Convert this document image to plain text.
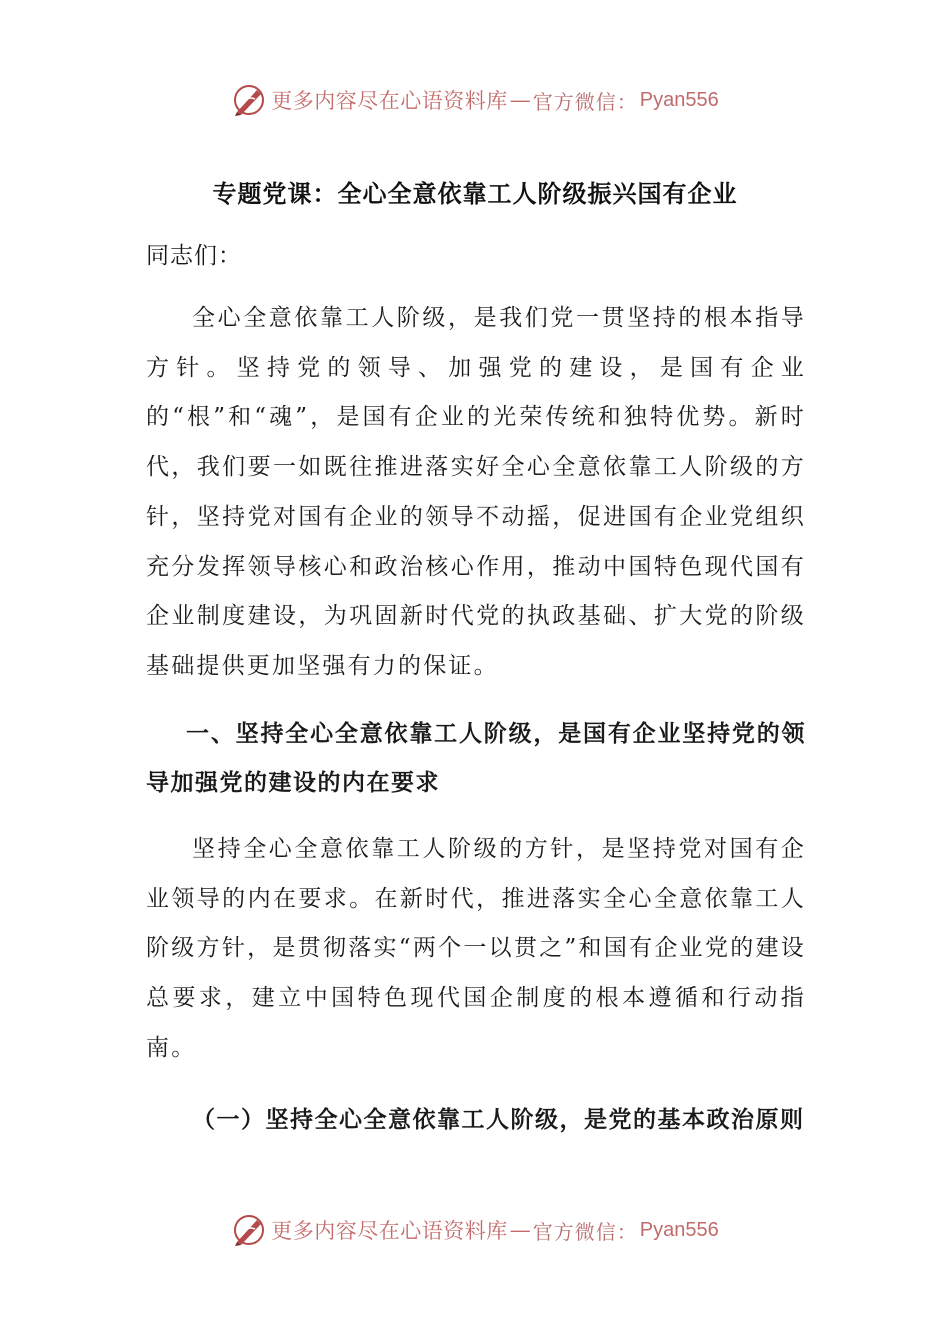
更多内容尽在心语资料库 — 官方微信： Pyan556
专题党课：全心全意依靠工人阶级振兴国有企业

同志们：

全心全意依靠工人阶级，是我们党一贯坚持的根本指导方针。坚持党的领导、加强党的建设，是国有企业的“根”和“魂”，是国有企业的光荣传统和独特优势。新时代，我们要一如既往推进落实好全心全意依靠工人阶级的方针，坚持党对国有企业的领导不动摇，促进国有企业党组织充分发挥领导核心和政治核心作用，推动中国特色现代国有企业制度建设，为巩固新时代党的执政基础、扩大党的阶级基础提供更加坚强有力的保证。

一、坚持全心全意依靠工人阶级，是国有企业坚持党的领导加强党的建设的内在要求

坚持全心全意依靠工人阶级的方针，是坚持党对国有企业领导的内在要求。在新时代，推进落实全心全意依靠工人阶级方针，是贯彻落实“两个一以贯之”和国有企业党的建设总要求，建立中国特色现代国企制度的根本遵循和行动指南。

（一）坚持全心全意依靠工人阶级，是党的基本政治原则

更多内容尽在心语资料库 — 官方微信： Pyan556
